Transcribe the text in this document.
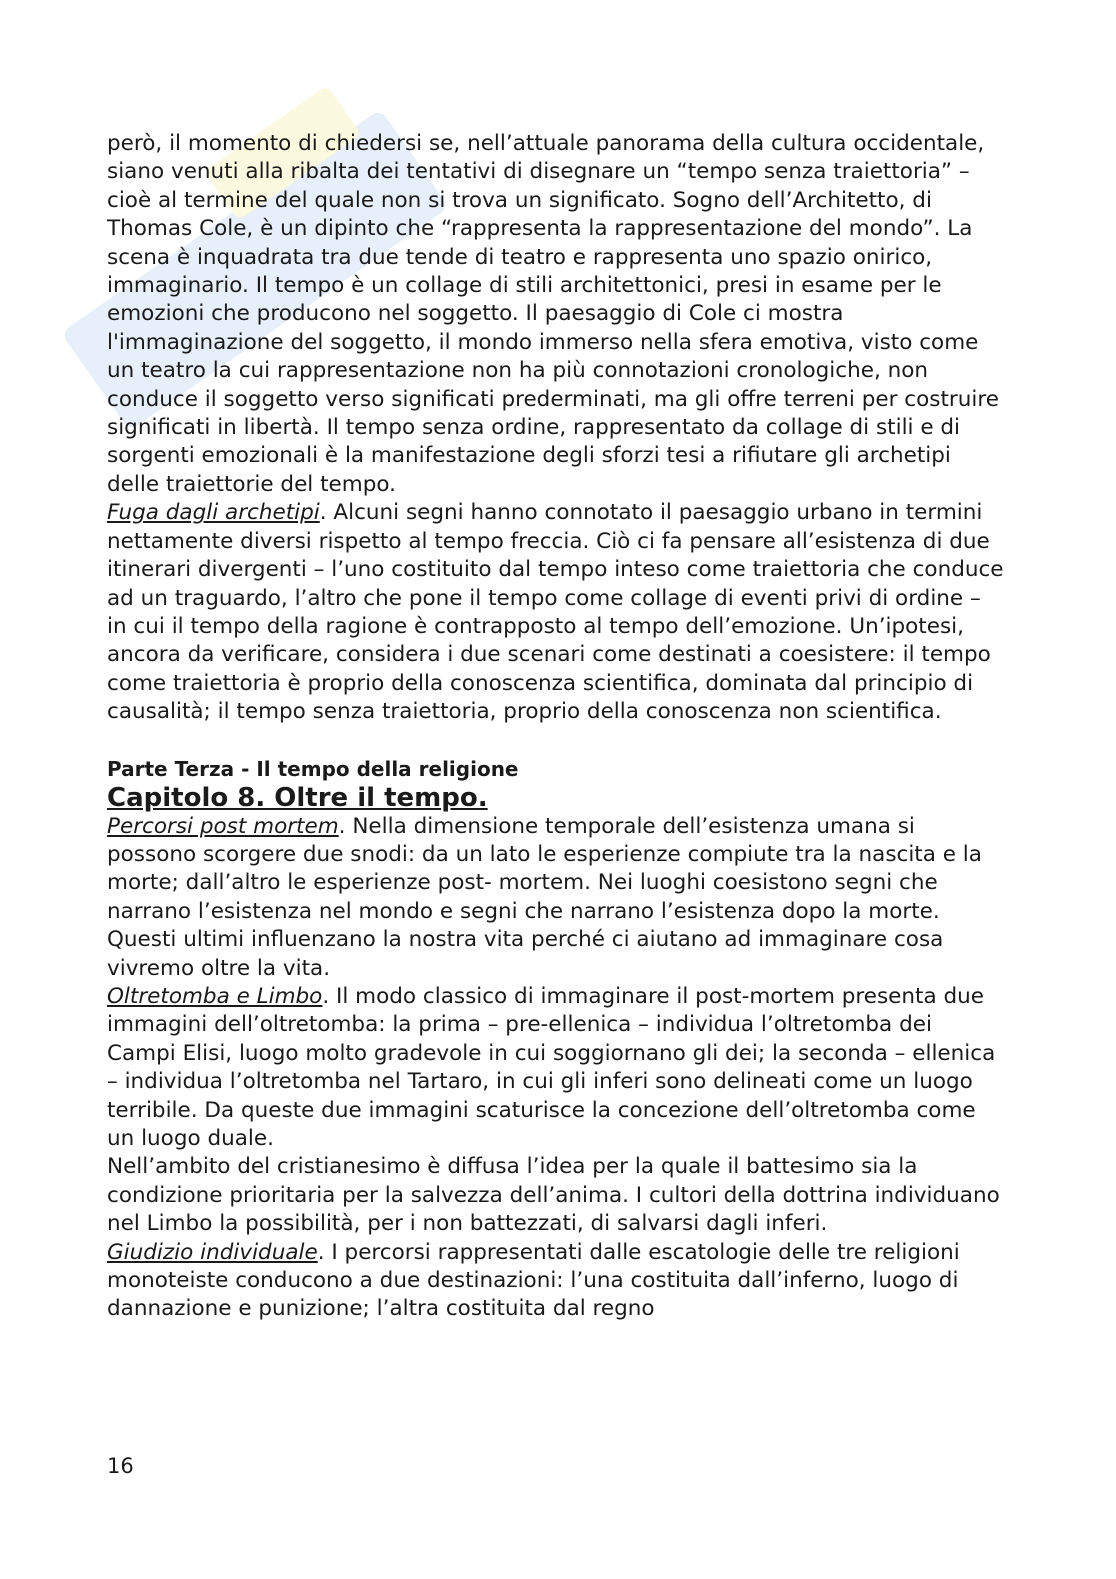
però, il momento di chiedersi se, nell’attuale panorama della cultura occidentale, siano venuti alla ribalta dei tentativi di disegnare un “tempo senza traiettoria” – cioè al termine del quale non si trova un significato. Sogno dell’Architetto, di Thomas Cole, è un dipinto che “rappresenta la rappresentazione del mondo”. La scena è inquadrata tra due tende di teatro e rappresenta uno spazio onirico, immaginario. Il tempo è un collage di stili architettonici, presi in esame per le emozioni che producono nel soggetto. Il paesaggio di Cole ci mostra l'immaginazione del soggetto, il mondo immerso nella sfera emotiva, visto come un teatro la cui rappresentazione non ha più connotazioni cronologiche, non conduce il soggetto verso significati prederminati, ma gli offre terreni per costruire significati in libertà. Il tempo senza ordine, rappresentato da collage di stili e di sorgenti emozionali è la manifestazione degli sforzi tesi a rifiutare gli archetipi delle traiettorie del tempo.

Fuga dagli archetipi. Alcuni segni hanno connotato il paesaggio urbano in termini nettamente diversi rispetto al tempo freccia. Ciò ci fa pensare all’esistenza di due itinerari divergenti – l’uno costituito dal tempo inteso come traiettoria che conduce ad un traguardo, l’altro che pone il tempo come collage di eventi privi di ordine – in cui il tempo della ragione è contrapposto al tempo dell’emozione. Un’ipotesi, ancora da verificare, considera i due scenari come destinati a coesistere: il tempo come traiettoria è proprio della conoscenza scientifica, dominata dal principio di causalità; il tempo senza traiettoria, proprio della conoscenza non scientifica.

Parte Terza - Il tempo della religione
Capitolo 8. Oltre il tempo.

Percorsi post mortem. Nella dimensione temporale dell’esistenza umana si possono scorgere due snodi: da un lato le esperienze compiute tra la nascita e la morte; dall’altro le esperienze post- mortem. Nei luoghi coesistono segni che narrano l’esistenza nel mondo e segni che narrano l’esistenza dopo la morte. Questi ultimi influenzano la nostra vita perché ci aiutano ad immaginare cosa vivremo oltre la vita.

Oltretomba e Limbo. Il modo classico di immaginare il post-mortem presenta due immagini dell’oltretomba: la prima – pre-ellenica – individua l’oltretomba dei Campi Elisi, luogo molto gradevole in cui soggiornano gli dei; la seconda – ellenica – individua l’oltretomba nel Tartaro, in cui gli inferi sono delineati come un luogo terribile. Da queste due immagini scaturisce la concezione dell’oltretomba come un luogo duale.

Nell’ambito del cristianesimo è diffusa l’idea per la quale il battesimo sia la condizione prioritaria per la salvezza dell’anima. I cultori della dottrina individuano nel Limbo la possibilità, per i non battezzati, di salvarsi dagli inferi.

Giudizio individuale. I percorsi rappresentati dalle escatologie delle tre religioni monoteiste conducono a due destinazioni: l’una costituita dall’inferno, luogo di dannazione e punizione; l’altra costituita dal regno

16
